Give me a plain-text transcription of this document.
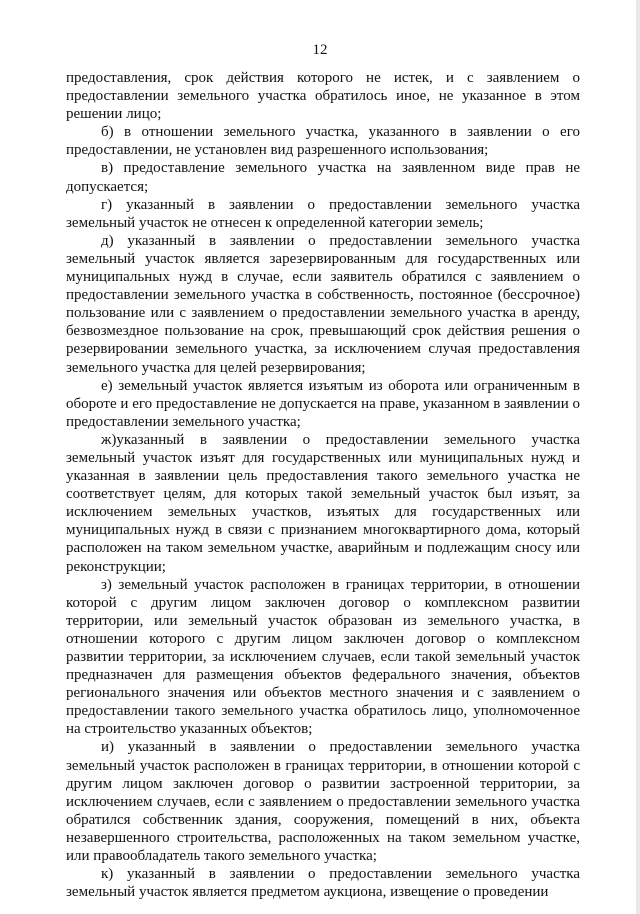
12

предоставления, срок действия которого не истек, и с заявлением о предоставлении земельного участка обратилось иное, не указанное в этом решении лицо;

б) в отношении земельного участка, указанного в заявлении о его предоставлении, не установлен вид разрешенного использования;

в) предоставление земельного участка на заявленном виде прав не допускается;

г) указанный в заявлении о предоставлении земельного участка земельный участок не отнесен к определенной категории земель;

д) указанный в заявлении о предоставлении земельного участка земельный участок является зарезервированным для государственных или муниципальных нужд в случае, если заявитель обратился с заявлением о предоставлении земельного участка в собственность, постоянное (бессрочное) пользование или с заявлением о предоставлении земельного участка в аренду, безвозмездное пользование на срок, превышающий срок действия решения о резервировании земельного участка, за исключением случая предоставления земельного участка для целей резервирования;

е) земельный участок является изъятым из оборота или ограниченным в обороте и его предоставление не допускается на праве, указанном в заявлении о предоставлении земельного участка;

ж)указанный в заявлении о предоставлении земельного участка земельный участок изъят для государственных или муниципальных нужд и указанная в заявлении цель предоставления такого земельного участка не соответствует целям, для которых такой земельный участок был изъят, за исключением земельных участков, изъятых для государственных или муниципальных нужд в связи с признанием многоквартирного дома, который расположен на таком земельном участке, аварийным и подлежащим сносу или реконструкции;

з) земельный участок расположен в границах территории, в отношении которой с другим лицом заключен договор о комплексном развитии территории, или земельный участок образован из земельного участка, в отношении которого с другим лицом заключен договор о комплексном развитии территории, за исключением случаев, если такой земельный участок предназначен для размещения объектов федерального значения, объектов регионального значения или объектов местного значения и с заявлением о предоставлении такого земельного участка обратилось лицо, уполномоченное на строительство указанных объектов;

и) указанный в заявлении о предоставлении земельного участка земельный участок расположен в границах территории, в отношении которой с другим лицом заключен договор о развитии застроенной территории, за исключением случаев, если с заявлением о предоставлении земельного участка обратился собственник здания, сооружения, помещений в них, объекта незавершенного строительства, расположенных на таком земельном участке, или правообладатель такого земельного участка;

к) указанный в заявлении о предоставлении земельного участка земельный участок является предметом аукциона, извещение о проведении
